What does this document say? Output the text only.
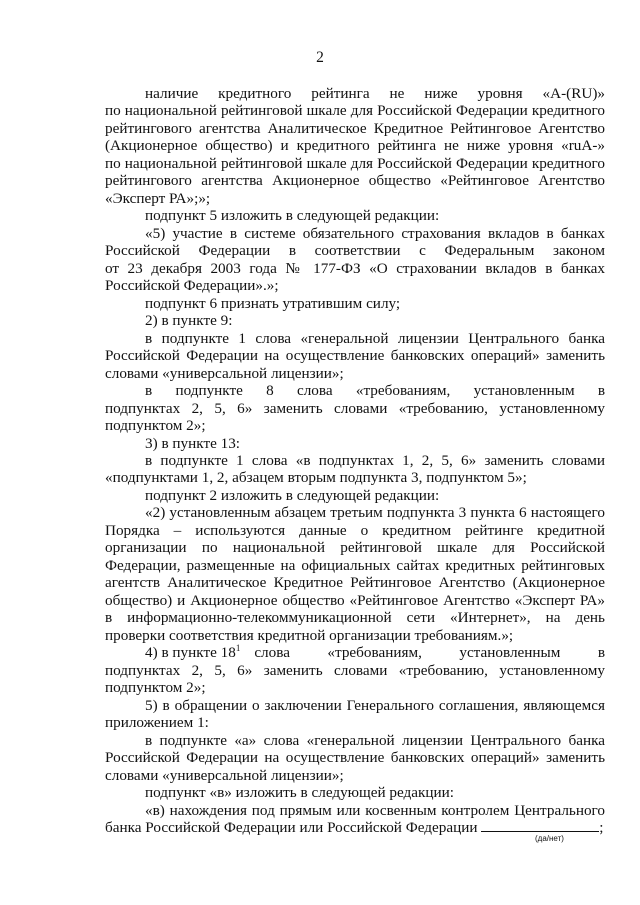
2
наличие кредитного рейтинга не ниже уровня «A-(RU)»
по национальной рейтинговой шкале для Российской Федерации кредитного
рейтингового агентства Аналитическое Кредитное Рейтинговое Агентство
(Акционерное общество) и кредитного рейтинга не ниже уровня «ruA-»
по национальной рейтинговой шкале для Российской Федерации кредитного
рейтингового агентства Акционерное общество «Рейтинговое Агентство
«Эксперт РА»;»;
подпункт 5 изложить в следующей редакции:
«5) участие в системе обязательного страхования вкладов в банках
Российской Федерации в соответствии с Федеральным законом
от 23 декабря 2003 года № 177-ФЗ «О страховании вкладов в банках
Российской Федерации».»;
подпункт 6 признать утратившим силу;
2) в пункте 9:
в подпункте 1 слова «генеральной лицензии Центрального банка
Российской Федерации на осуществление банковских операций» заменить
словами «универсальной лицензии»;
в подпункте 8 слова «требованиям, установленным в
подпунктах 2, 5, 6» заменить словами «требованию, установленному
подпунктом 2»;
3) в пункте 13:
в подпункте 1 слова «в подпунктах 1, 2, 5, 6» заменить словами
«подпунктами 1, 2, абзацем вторым подпункта 3, подпунктом 5»;
подпункт 2 изложить в следующей редакции:
«2) установленным абзацем третьим подпункта 3 пункта 6 настоящего
Порядка – используются данные о кредитном рейтинге кредитной
организации по национальной рейтинговой шкале для Российской
Федерации, размещенные на официальных сайтах кредитных рейтинговых
агентств Аналитическое Кредитное Рейтинговое Агентство (Акционерное
общество) и Акционерное общество «Рейтинговое Агентство «Эксперт РА»
в информационно-телекоммуникационной сети «Интернет», на день
проверки соответствия кредитной организации требованиям.»;
4) в пункте $18^1$ слова «требованиям, установленным в
подпунктах 2, 5, 6» заменить словами «требованию, установленному
подпунктом 2»;
5) в обращении о заключении Генерального соглашения, являющемся
приложением 1:
в подпункте «а» слова «генеральной лицензии Центрального банка
Российской Федерации на осуществление банковских операций» заменить
словами «универсальной лицензии»;
подпункт «в» изложить в следующей редакции:
«в) нахождения под прямым или косвенным контролем Центрального
банка Российской Федерации или Российской Федерации	;
(да/нет)
